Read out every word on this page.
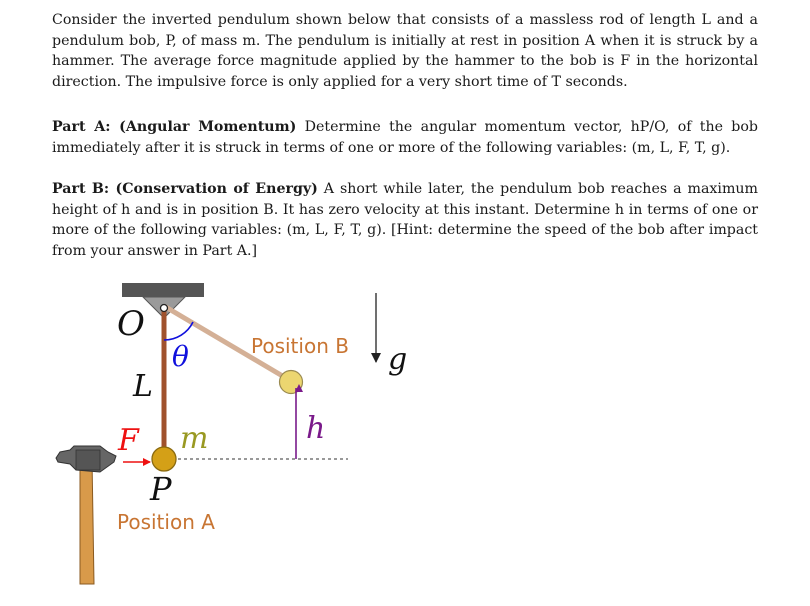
Consider the inverted pendulum shown below that consists of a massless rod of length L and a pendulum bob, P, of mass m. The pendulum is initially at rest in position A when it is struck by a hammer. The average force magnitude applied by the hammer to the bob is F in the horizontal direction. The impulsive force is only applied for a very short time of T seconds.
Part A: (Angular Momentum) Determine the angular momentum vector, hP/O, of the bob immediately after it is struck in terms of one or more of the following variables: (m, L, F, T, g).
Part B: (Conservation of Energy) A short while later, the pendulum bob reaches a maximum height of h and is in position B. It has zero velocity at this instant. Determine h in terms of one or more of the following variables: (m, L, F, T, g). [Hint: determine the speed of the bob after impact from your answer in Part A.]
O
θ
L
F m
P
Position A
Position B g
h
